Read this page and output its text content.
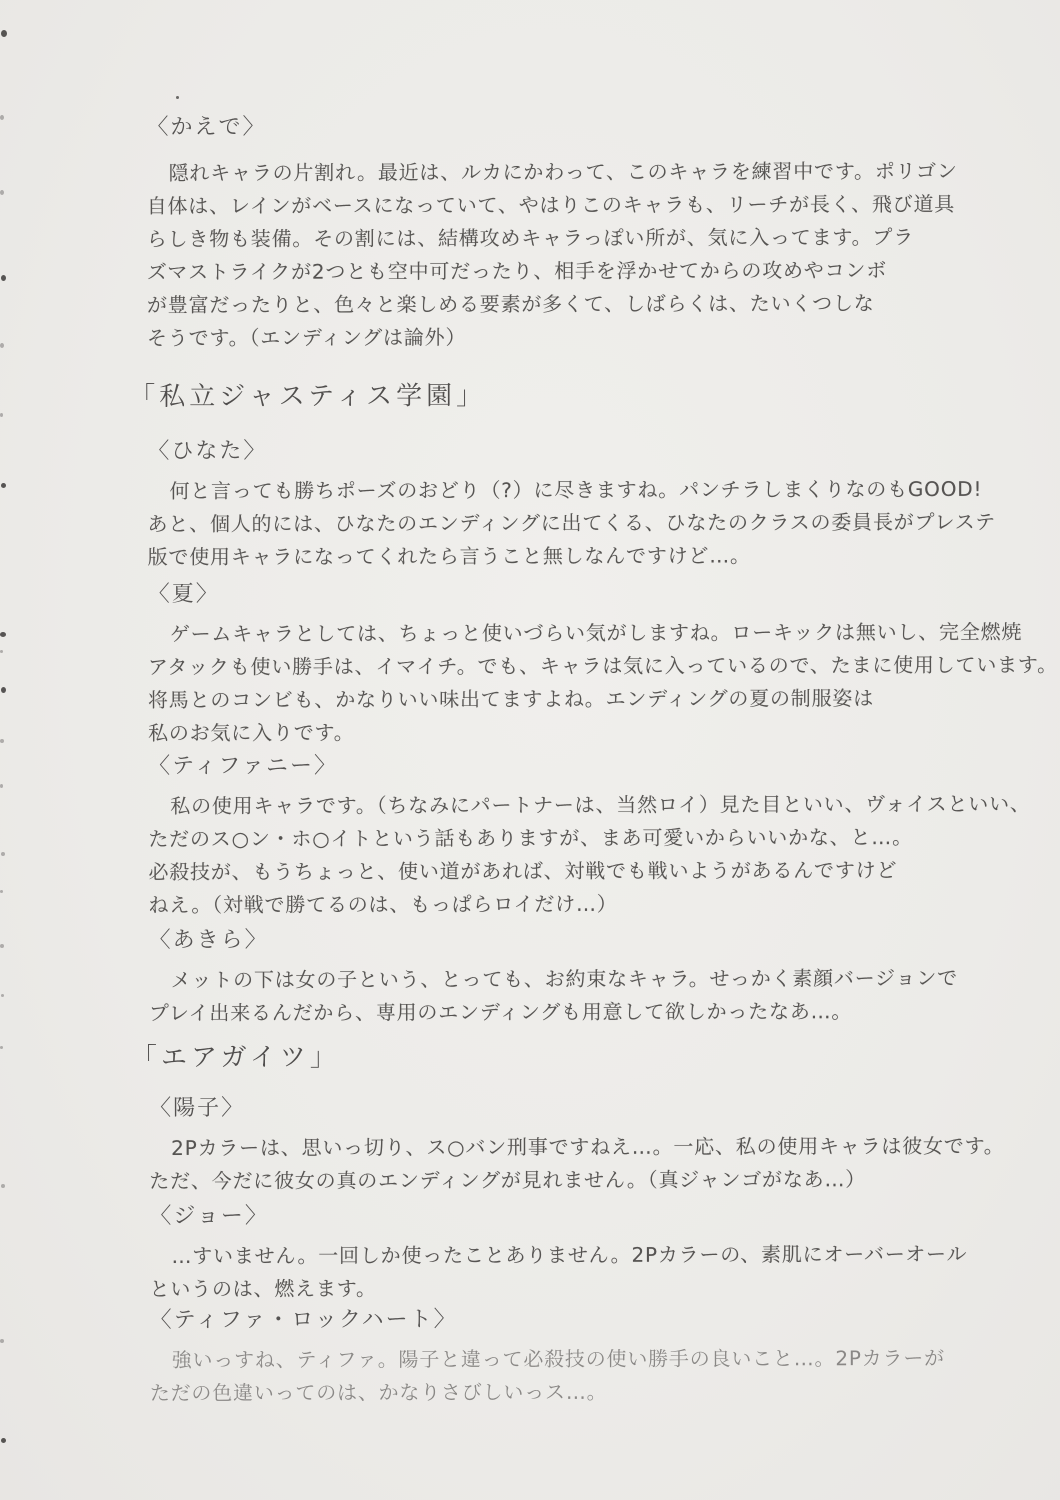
〈かえで〉
隠れキャラの片割れ。最近は、ルカにかわって、このキャラを練習中です。ポリゴン
自体は、レインがベースになっていて、やはりこのキャラも、リーチが長く、飛び道具
らしき物も装備。その割には、結構攻めキャラっぽい所が、気に入ってます。プラ
ズマストライクが2つとも空中可だったり、相手を浮かせてからの攻めやコンボ
が豊富だったりと、色々と楽しめる要素が多くて、しばらくは、たいくつしな
そうです。（エンディングは論外）
「私立ジャスティス学園」
〈ひなた〉
何と言っても勝ちポーズのおどり（?）に尽きますね。パンチラしまくりなのもGOOD!
あと、個人的には、ひなたのエンディングに出てくる、ひなたのクラスの委員長がプレステ
版で使用キャラになってくれたら言うこと無しなんですけど…。
〈夏〉
ゲームキャラとしては、ちょっと使いづらい気がしますね。ローキックは無いし、完全燃焼
アタックも使い勝手は、イマイチ。でも、キャラは気に入っているので、たまに使用しています。
将馬とのコンビも、かなりいい味出てますよね。エンディングの夏の制服姿は
私のお気に入りです。
〈ティファニー〉
私の使用キャラです。（ちなみにパートナーは、当然ロイ）見た目といい、ヴォイスといい、
ただのス○ン・ホ○イトという話もありますが、まあ可愛いからいいかな、と…。
必殺技が、もうちょっと、使い道があれば、対戦でも戦いようがあるんですけど
ねえ。（対戦で勝てるのは、もっぱらロイだけ…）
〈あきら〉
メットの下は女の子という、とっても、お約束なキャラ。せっかく素顔バージョンで
プレイ出来るんだから、専用のエンディングも用意して欲しかったなあ…。
「エアガイツ」
〈陽子〉
2Pカラーは、思いっ切り、ス○バン刑事ですねえ…。一応、私の使用キャラは彼女です。
ただ、今だに彼女の真のエンディングが見れません。（真ジャンゴがなあ…）
〈ジョー〉
…すいません。一回しか使ったことありません。2Pカラーの、素肌にオーバーオール
というのは、燃えます。
〈ティファ・ロックハート〉
強いっすね、ティファ。陽子と違って必殺技の使い勝手の良いこと…。2Pカラーが
ただの色違いってのは、かなりさびしいっス…。
